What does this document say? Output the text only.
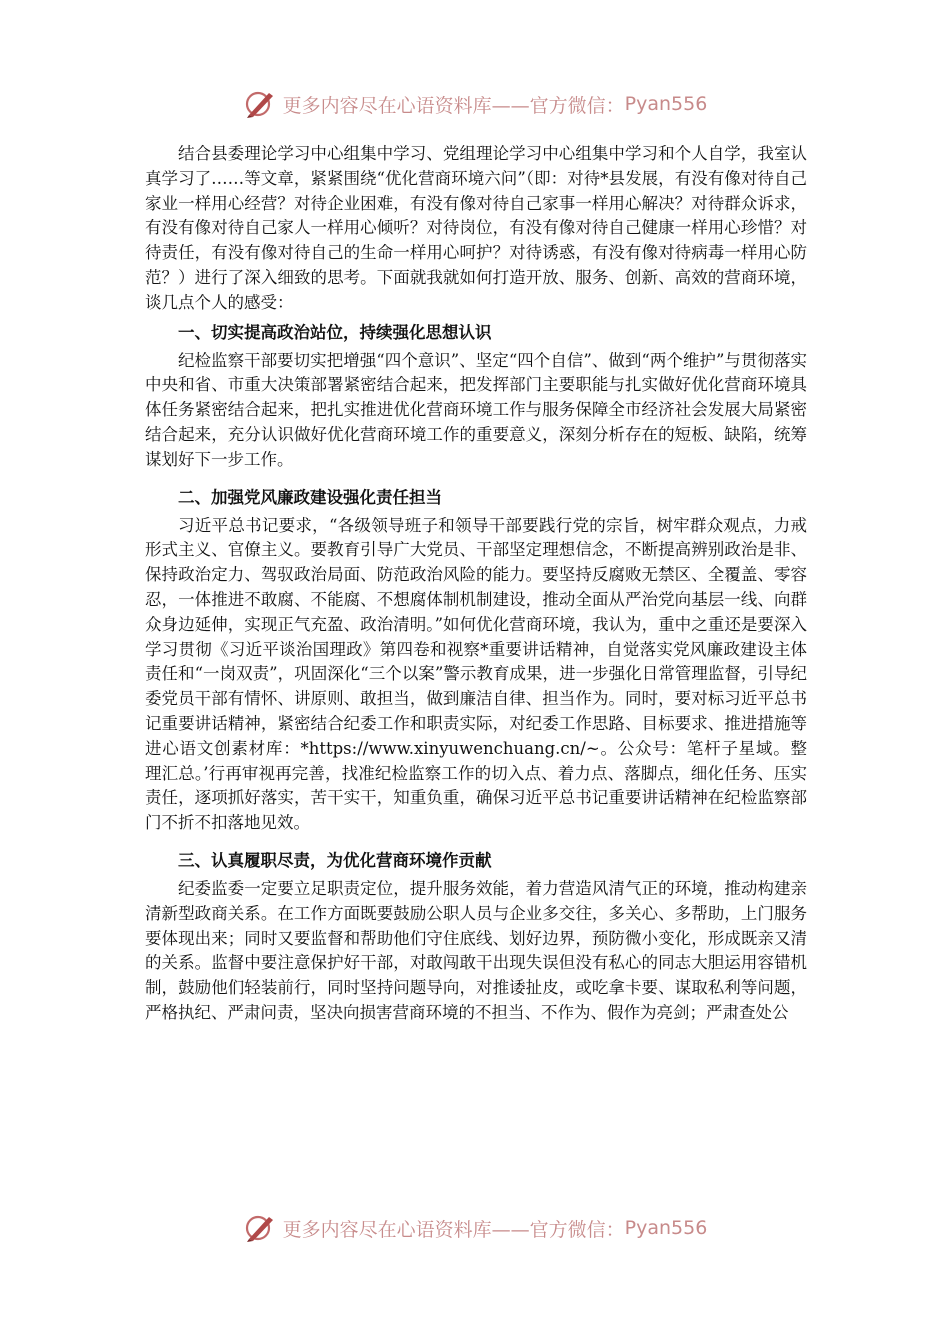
更多内容尽在心语资料库——官方微信： Pyan556

结合县委理论学习中心组集中学习、党组理论学习中心组集中学习和个人自学，我室认真学习了……等文章，紧紧围绕“优化营商环境六问”（即：对待*县发展，有没有像对待自己家业一样用心经营？对待企业困难，有没有像对待自己家事一样用心解决？对待群众诉求，有没有像对待自己家人一样用心倾听？对待岗位，有没有像对待自己健康一样用心珍惜？对待责任，有没有像对待自己的生命一样用心呵护？对待诱惑，有没有像对待病毒一样用心防范？）进行了深入细致的思考。下面就我就如何打造开放、服务、创新、高效的营商环境，谈几点个人的感受：

一、切实提高政治站位，持续强化思想认识

纪检监察干部要切实把增强“四个意识”、坚定“四个自信”、做到“两个维护”与贯彻落实中央和省、市重大决策部署紧密结合起来，把发挥部门主要职能与扎实做好优化营商环境具体任务紧密结合起来，把扎实推进优化营商环境工作与服务保障全市经济社会发展大局紧密结合起来，充分认识做好优化营商环境工作的重要意义，深刻分析存在的短板、缺陷，统筹谋划好下一步工作。

二、加强党风廉政建设强化责任担当

习近平总书记要求，“各级领导班子和领导干部要践行党的宗旨，树牢群众观点，力戒形式主义、官僚主义。要教育引导广大党员、干部坚定理想信念，不断提高辨别政治是非、保持政治定力、驾驭政治局面、防范政治风险的能力。要坚持反腐败无禁区、全覆盖、零容忍，一体推进不敢腐、不能腐、不想腐体制机制建设，推动全面从严治党向基层一线、向群众身边延伸，实现正气充盈、政治清明。”如何优化营商环境，我认为，重中之重还是要深入学习贯彻《习近平谈治国理政》第四卷和视察*重要讲话精神，自觉落实党风廉政建设主体责任和“一岗双责”，巩固深化“三个以案”警示教育成果，进一步强化日常管理监督，引导纪委党员干部有情怀、讲原则、敢担当，做到廉洁自律、担当作为。同时，要对标习近平总书记重要讲话精神，紧密结合纪委工作和职责实际，对纪委工作思路、目标要求、推进措施等进心语文创素材库：*https://www.xinyuwenchuang.cn/~。公众号：笔杆子星域。整理汇总。’行再审视再完善，找准纪检监察工作的切入点、着力点、落脚点，细化任务、压实责任，逐项抓好落实，苦干实干，知重负重，确保习近平总书记重要讲话精神在纪检监察部门不折不扣落地见效。

三、认真履职尽责，为优化营商环境作贡献

纪委监委一定要立足职责定位，提升服务效能，着力营造风清气正的环境，推动构建亲清新型政商关系。在工作方面既要鼓励公职人员与企业多交往，多关心、多帮助，上门服务要体现出来；同时又要监督和帮助他们守住底线、划好边界，预防微小变化，形成既亲又清的关系。监督中要注意保护好干部，对敢闯敢干出现失误但没有私心的同志大胆运用容错机制，鼓励他们轻装前行，同时坚持问题导向，对推诿扯皮，或吃拿卡要、谋取私利等问题，严格执纪、严肃问责，坚决向损害营商环境的不担当、不作为、假作为亮剑；严肃查处公

更多内容尽在心语资料库——官方微信： Pyan556
